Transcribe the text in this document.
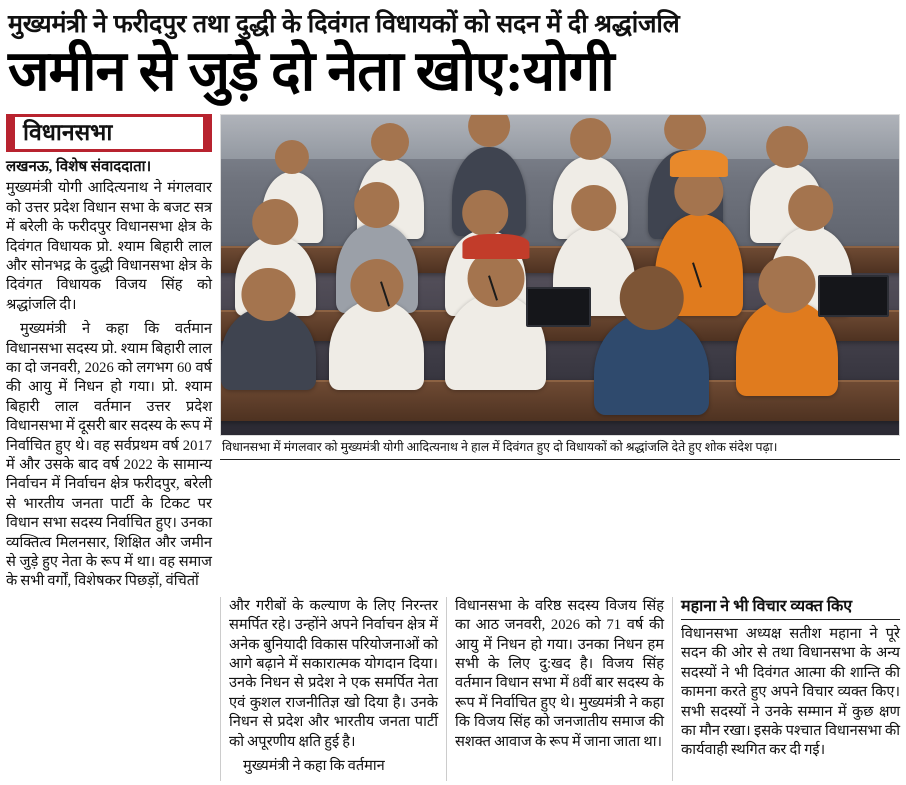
मुख्यमंत्री ने फरीदपुर तथा दुद्धी के दिवंगत विधायकों को सदन में दी श्रद्धांजलि
जमीन से जुड़े दो नेता खोए:योगी
विधानसभा
लखनऊ, विशेष संवाददाता।

मुख्यमंत्री योगी आदित्यनाथ ने मंगलवार को उत्तर प्रदेश विधान सभा के बजट सत्र में बरेली के फरीदपुर विधानसभा क्षेत्र के दिवंगत विधायक प्रो. श्याम बिहारी लाल और सोनभद्र के दुद्धी विधानसभा क्षेत्र के दिवंगत विधायक विजय सिंह को श्रद्धांजलि दी।

मुख्यमंत्री ने कहा कि वर्तमान विधानसभा सदस्य प्रो. श्याम बिहारी लाल का दो जनवरी, 2026 को लगभग 60 वर्ष की आयु में निधन हो गया। प्रो. श्याम बिहारी लाल वर्तमान उत्तर प्रदेश विधानसभा में दूसरी बार सदस्य के रूप में निर्वाचित हुए थे। वह सर्वप्रथम वर्ष 2017 में और उसके बाद वर्ष 2022 के सामान्य निर्वाचन में निर्वाचन क्षेत्र फरीदपुर, बरेली से भारतीय जनता पार्टी के टिकट पर विधान सभा सदस्य निर्वाचित हुए। उनका व्यक्तित्व मिलनसार, शिक्षित और जमीन से जुड़े हुए नेता के रूप में था। वह समाज के सभी वर्गों, विशेषकर पिछड़ों, वंचितों

विधानसभा में मंगलवार को मुख्यमंत्री योगी आदित्यनाथ ने हाल में दिवंगत हुए दो विधायकों को श्रद्धांजलि देते हुए शोक संदेश पढ़ा।

और गरीबों के कल्याण के लिए निरन्तर समर्पित रहे। उन्होंने अपने निर्वाचन क्षेत्र में अनेक बुनियादी विकास परियोजनाओं को आगे बढ़ाने में सकारात्मक योगदान दिया। उनके निधन से प्रदेश ने एक समर्पित नेता एवं कुशल राजनीतिज्ञ खो दिया है। उनके निधन से प्रदेश और भारतीय जनता पार्टी को अपूरणीय क्षति हुई है।

मुख्यमंत्री ने कहा कि वर्तमान

विधानसभा के वरिष्ठ सदस्य विजय सिंह का आठ जनवरी, 2026 को 71 वर्ष की आयु में निधन हो गया। उनका निधन हम सभी के लिए दु:खद है। विजय सिंह वर्तमान विधान सभा में 8वीं बार सदस्य के रूप में निर्वाचित हुए थे। मुख्यमंत्री ने कहा कि विजय सिंह को जनजातीय समाज की सशक्त आवाज के रूप में जाना जाता था।

महाना ने भी विचार व्यक्त किए

विधानसभा अध्यक्ष सतीश महाना ने पूरे सदन की ओर से तथा विधानसभा के अन्य सदस्यों ने भी दिवंगत आत्मा की शान्ति की कामना करते हुए अपने विचार व्यक्त किए। सभी सदस्यों ने उनके सम्मान में कुछ क्षण का मौन रखा। इसके पश्चात विधानसभा की कार्यवाही स्थगित कर दी गई।
